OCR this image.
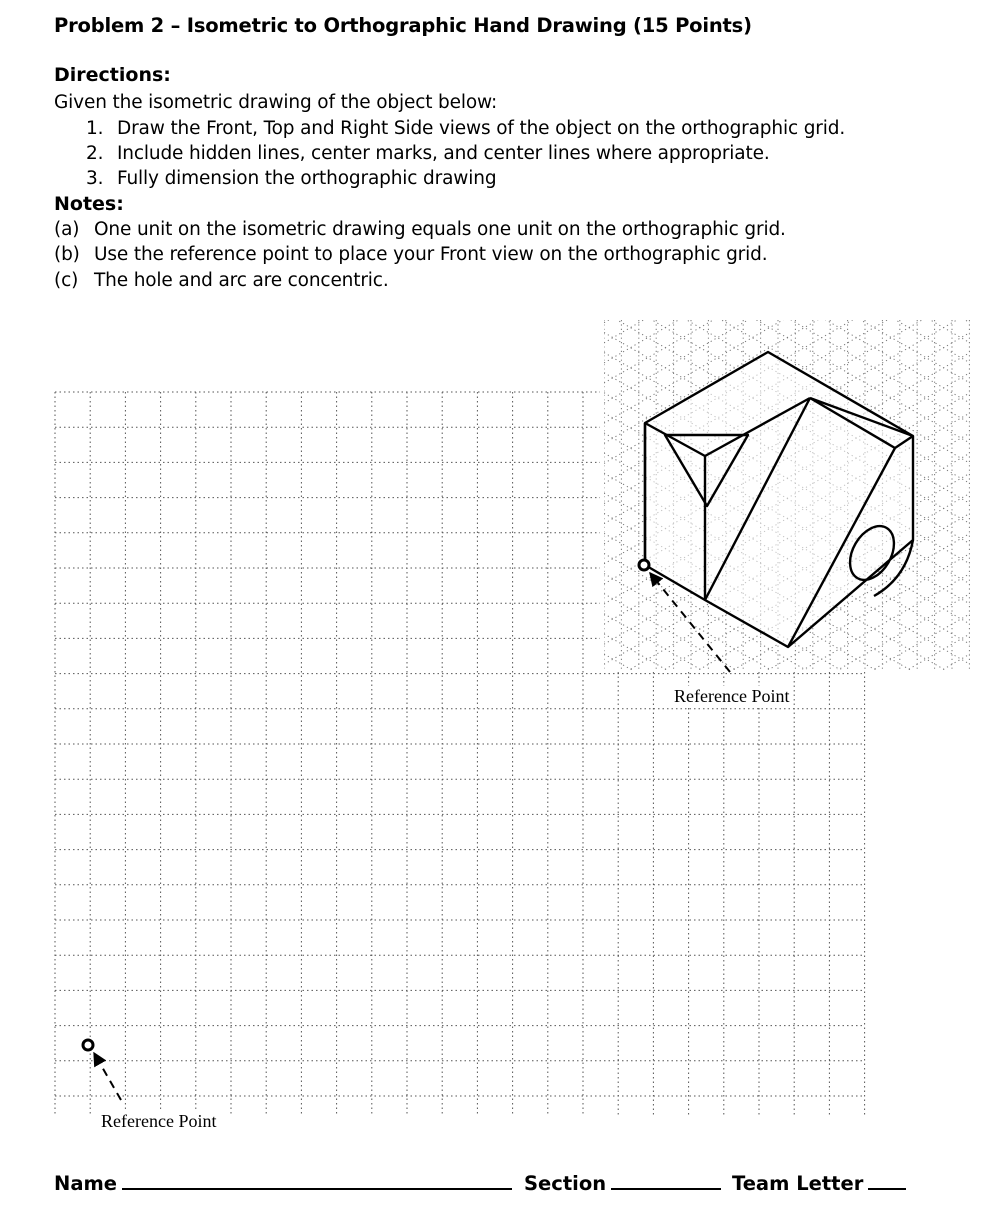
Problem 2 – Isometric to Orthographic Hand Drawing (15 Points)
Directions:
Given the isometric drawing of the object below:
1. Draw the Front, Top and Right Side views of the object on the orthographic grid.
2. Include hidden lines, center marks, and center lines where appropriate.
3. Fully dimension the orthographic drawing
Notes:
(a) One unit on the isometric drawing equals one unit on the orthographic grid.
(b) Use the reference point to place your Front view on the orthographic grid.
(c) The hole and arc are concentric.
Reference Point
Reference Point
Name	Section	Team Letter
